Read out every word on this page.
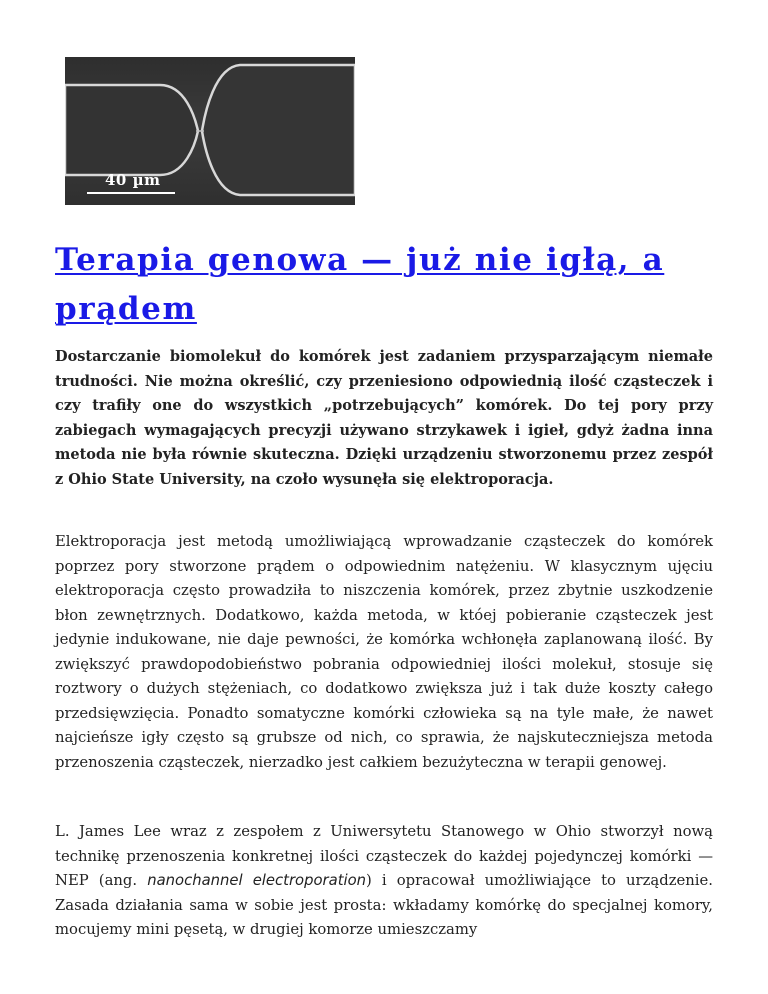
40 µm
Terapia genowa — już nie igłą, a prądem

Dostarczanie biomolekuł do komórek jest zadaniem przysparzającym niemałe trudności. Nie można określić, czy przeniesiono odpowiednią ilość cząsteczek i czy trafiły one do wszystkich „potrzebujących” komórek. Do tej pory przy zabiegach wymagających precyzji używano strzykawek i igieł, gdyż żadna inna metoda nie była równie skuteczna. Dzięki urządzeniu stworzonemu przez zespół z Ohio State University, na czoło wysunęła się elektroporacja.

Elektroporacja jest metodą umożliwiającą wprowadzanie cząsteczek do komórek poprzez pory stworzone prądem o odpowiednim natężeniu. W klasycznym ujęciu elektroporacja często prowadziła to niszczenia komórek, przez zbytnie uszkodzenie błon zewnętrznych. Dodatkowo, każda metoda, w któej pobieranie cząsteczek jest jedynie indukowane, nie daje pewności, że komórka wchłonęła zaplanowaną ilość. By zwiększyć prawdopodobieństwo pobrania odpowiedniej ilości molekuł, stosuje się roztwory o dużych stężeniach, co dodatkowo zwiększa już i tak duże koszty całego przedsięwzięcia. Ponadto somatyczne komórki człowieka są na tyle małe, że nawet najcieńsze igły często są grubsze od nich, co sprawia, że najskuteczniejsza metoda przenoszenia cząsteczek, nierzadko jest całkiem bezużyteczna w terapii genowej.

L. James Lee wraz z zespołem z Uniwersytetu Stanowego w Ohio stworzył nową technikę przenoszenia konkretnej ilości cząsteczek do każdej pojedynczej komórki — NEP (ang. nanochannel electroporation) i opracował umożliwiające to urządzenie. Zasada działania sama w sobie jest prosta: wkładamy komórkę do specjalnej komory, mocujemy mini pęsetą, w drugiej komorze umieszczamy
